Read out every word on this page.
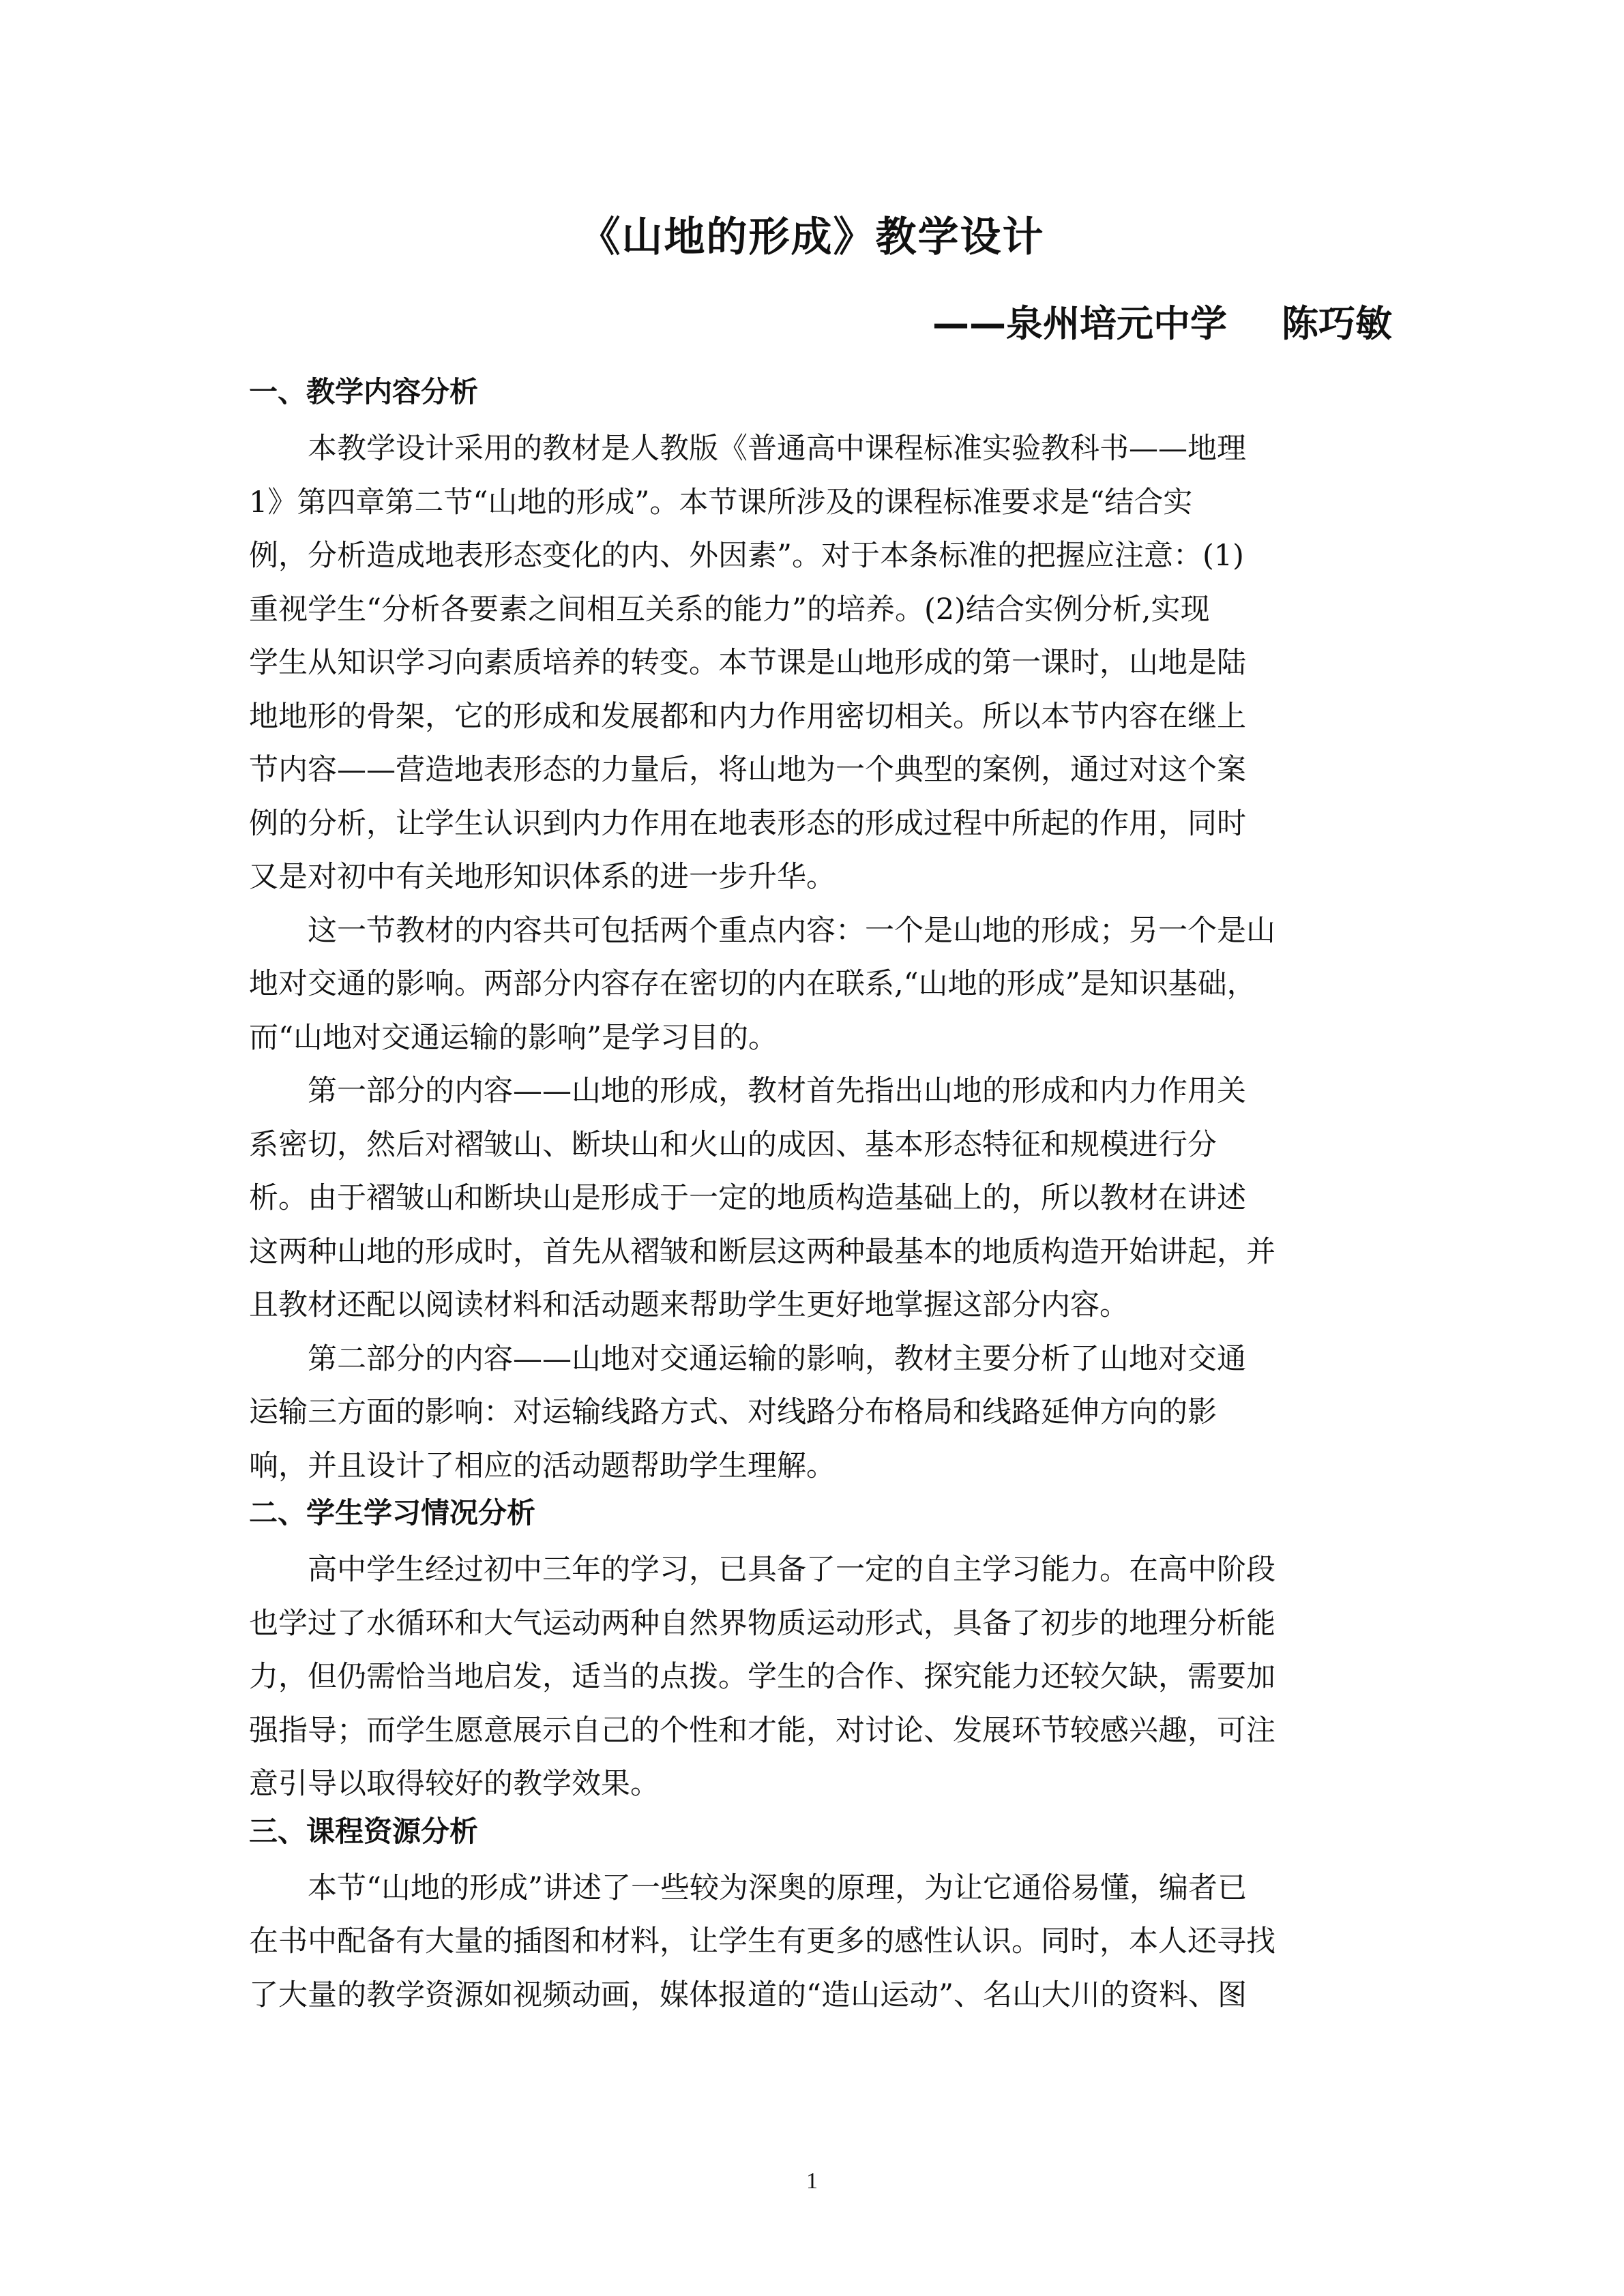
《山地的形成》教学设计
——泉州培元中学 陈巧敏
一、教学内容分析

本教学设计采用的教材是人教版《普通高中课程标准实验教科书——地理
1》第四章第二节“山地的形成”。本节课所涉及的课程标准要求是“结合实
例，分析造成地表形态变化的内、外因素”。对于本条标准的把握应注意：(1)
重视学生“分析各要素之间相互关系的能力”的培养。(2)结合实例分析,实现
学生从知识学习向素质培养的转变。本节课是山地形成的第一课时，山地是陆
地地形的骨架，它的形成和发展都和内力作用密切相关。所以本节内容在继上
节内容——营造地表形态的力量后，将山地为一个典型的案例，通过对这个案
例的分析，让学生认识到内力作用在地表形态的形成过程中所起的作用，同时
又是对初中有关地形知识体系的进一步升华。

这一节教材的内容共可包括两个重点内容：一个是山地的形成；另一个是山
地对交通的影响。两部分内容存在密切的内在联系,“山地的形成”是知识基础，
而“山地对交通运输的影响”是学习目的。

第一部分的内容——山地的形成，教材首先指出山地的形成和内力作用关
系密切，然后对褶皱山、断块山和火山的成因、基本形态特征和规模进行分
析。由于褶皱山和断块山是形成于一定的地质构造基础上的，所以教材在讲述
这两种山地的形成时，首先从褶皱和断层这两种最基本的地质构造开始讲起，并
且教材还配以阅读材料和活动题来帮助学生更好地掌握这部分内容。

第二部分的内容——山地对交通运输的影响，教材主要分析了山地对交通
运输三方面的影响：对运输线路方式、对线路分布格局和线路延伸方向的影
响，并且设计了相应的活动题帮助学生理解。

二、学生学习情况分析

高中学生经过初中三年的学习，已具备了一定的自主学习能力。在高中阶段
也学过了水循环和大气运动两种自然界物质运动形式，具备了初步的地理分析能
力，但仍需恰当地启发，适当的点拨。学生的合作、探究能力还较欠缺，需要加
强指导；而学生愿意展示自己的个性和才能，对讨论、发展环节较感兴趣，可注
意引导以取得较好的教学效果。

三、课程资源分析

本节“山地的形成”讲述了一些较为深奥的原理，为让它通俗易懂，编者已
在书中配备有大量的插图和材料，让学生有更多的感性认识。同时，本人还寻找
了大量的教学资源如视频动画，媒体报道的“造山运动”、名山大川的资料、图

1
